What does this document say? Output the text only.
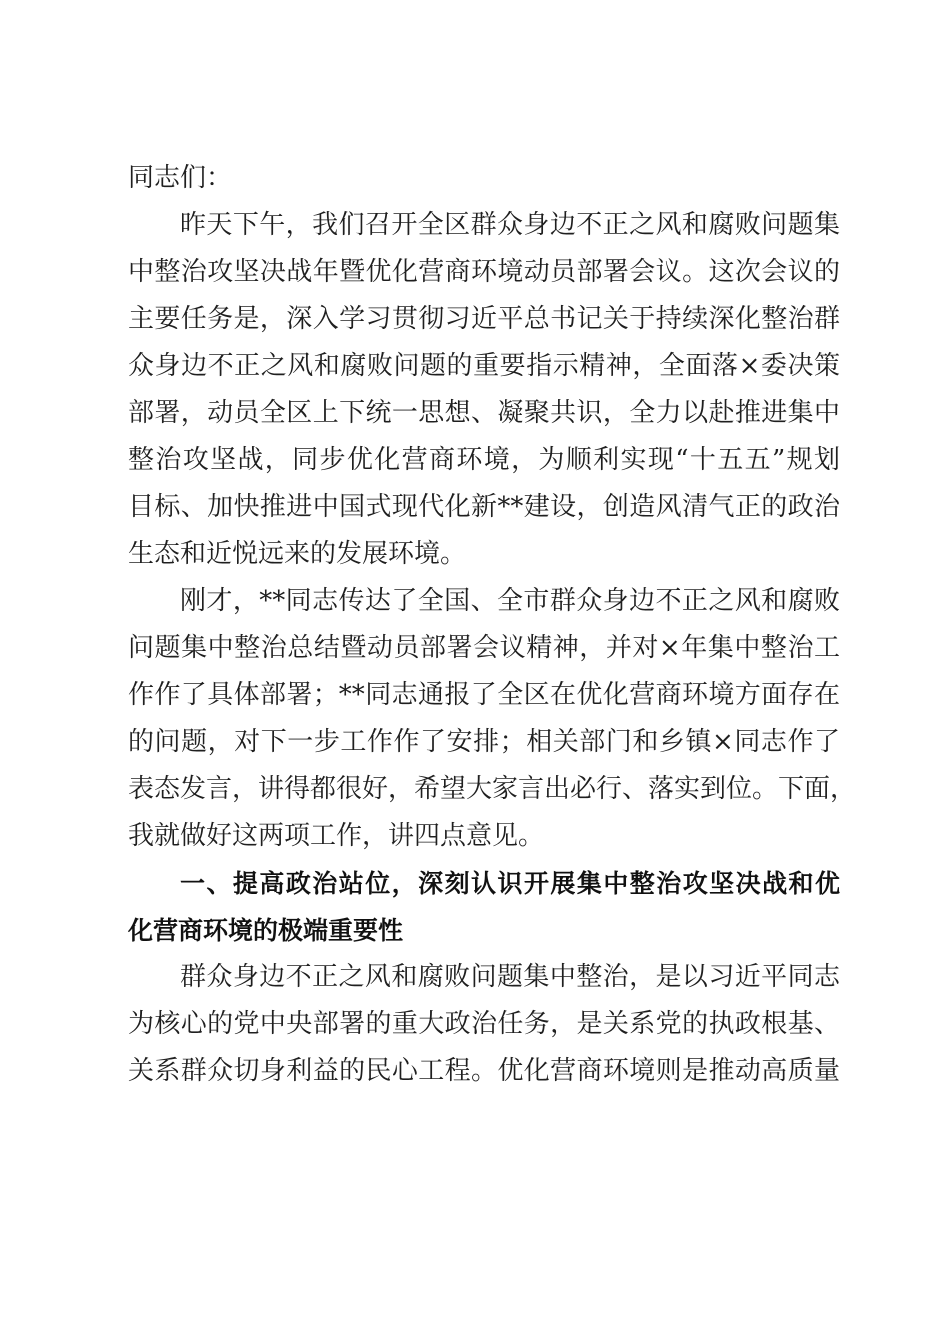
同志们：
昨天下午，我们召开全区群众身边不正之风和腐败问题集
中整治攻坚决战年暨优化营商环境动员部署会议。这次会议的
主要任务是，深入学习贯彻习近平总书记关于持续深化整治群
众身边不正之风和腐败问题的重要指示精神，全面落×委决策
部署，动员全区上下统一思想、凝聚共识，全力以赴推进集中
整治攻坚战，同步优化营商环境，为顺利实现“十五五”规划
目标、加快推进中国式现代化新**建设，创造风清气正的政治
生态和近悦远来的发展环境。
刚才，**同志传达了全国、全市群众身边不正之风和腐败
问题集中整治总结暨动员部署会议精神，并对×年集中整治工
作作了具体部署；**同志通报了全区在优化营商环境方面存在
的问题，对下一步工作作了安排；相关部门和乡镇×同志作了
表态发言，讲得都很好，希望大家言出必行、落实到位。下面，
我就做好这两项工作，讲四点意见。
一、提高政治站位，深刻认识开展集中整治攻坚决战和优
化营商环境的极端重要性
群众身边不正之风和腐败问题集中整治，是以习近平同志
为核心的党中央部署的重大政治任务，是关系党的执政根基、
关系群众切身利益的民心工程。优化营商环境则是推动高质量
